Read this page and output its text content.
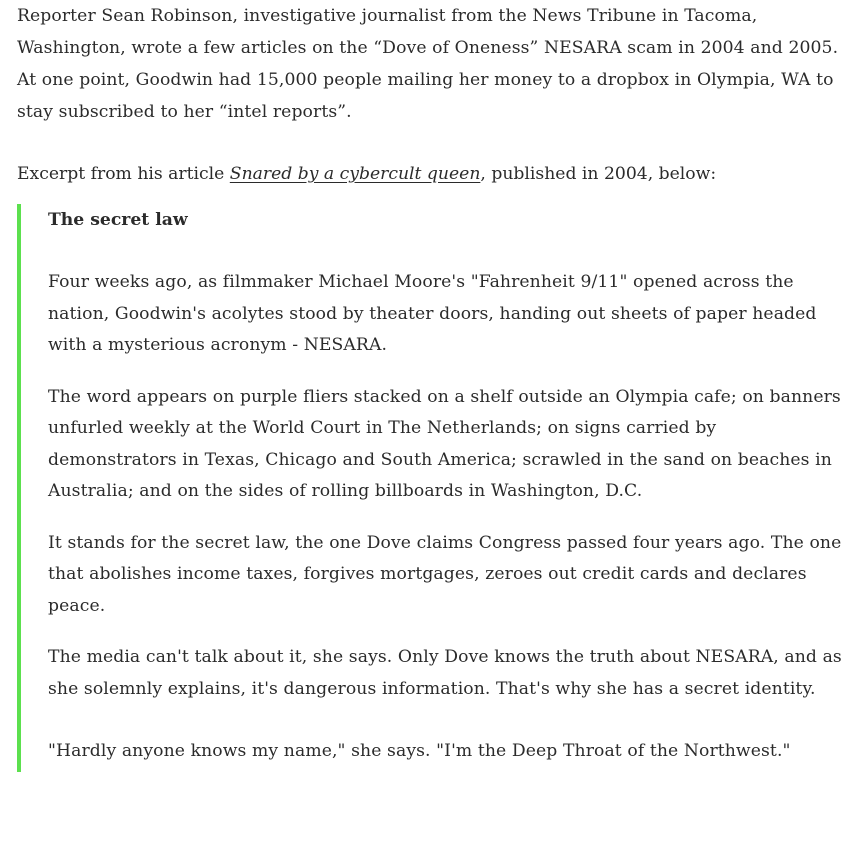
Reporter Sean Robinson, investigative journalist from the News Tribune in Tacoma, Washington, wrote a few articles on the “Dove of Oneness” NESARA scam in 2004 and 2005. At one point, Goodwin had 15,000 people mailing her money to a dropbox in Olympia, WA to stay subscribed to her “intel reports”.

Excerpt from his article Snared by a cybercult queen, published in 2004, below:

The secret law

Four weeks ago, as filmmaker Michael Moore's "Fahrenheit 9/11" opened across the nation, Goodwin's acolytes stood by theater doors, handing out sheets of paper headed with a mysterious acronym - NESARA.

The word appears on purple fliers stacked on a shelf outside an Olympia cafe; on banners unfurled weekly at the World Court in The Netherlands; on signs carried by demonstrators in Texas, Chicago and South America; scrawled in the sand on beaches in Australia; and on the sides of rolling billboards in Washington, D.C.

It stands for the secret law, the one Dove claims Congress passed four years ago. The one that abolishes income taxes, forgives mortgages, zeroes out credit cards and declares peace.

The media can't talk about it, she says. Only Dove knows the truth about NESARA, and as she solemnly explains, it's dangerous information. That's why she has a secret identity.

"Hardly anyone knows my name," she says. "I'm the Deep Throat of the Northwest."
